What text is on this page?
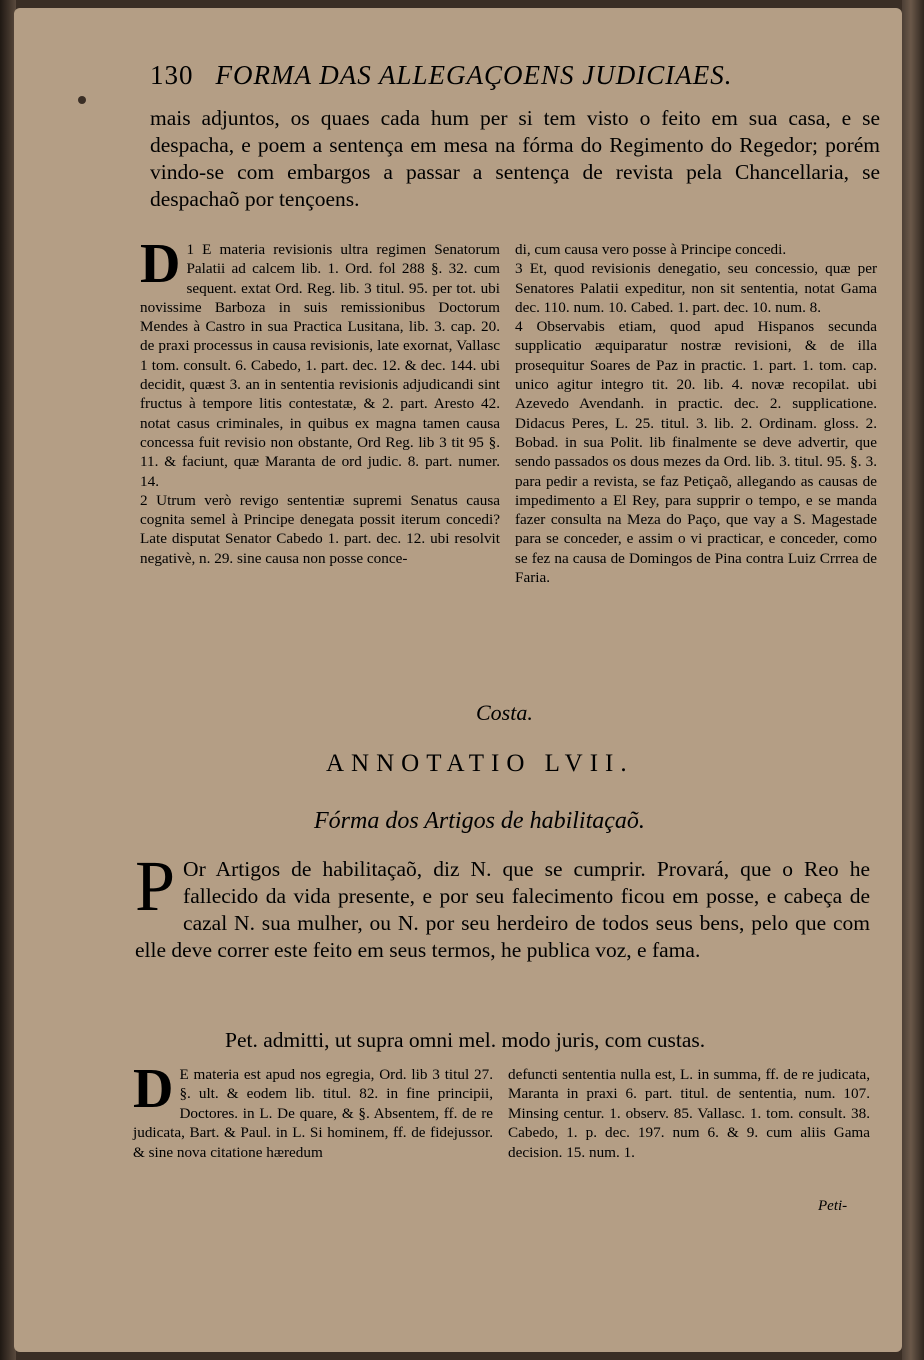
130 FORMA DAS ALLEGAÇOENS JUDICIAES.

mais adjuntos, os quaes cada hum per si tem visto o feito em sua casa, e se despacha, e poem a sentença em mesa na fórma do Regimento do Regedor; porém vindo-se com embargos a passar a sentença de revista pela Chancellaria, se despachaõ por tençoens.

D 1 E materia revisionis ultra regimen Senatorum Palatii ad calcem lib. 1. Ord. fol 288 §. 32. cum sequent. extat Ord. Reg. lib. 3 titul. 95. per tot. ubi novissime Barboza in suis remissionibus Doctorum Mendes à Castro in sua Practica Lusitana, lib. 3. cap. 20. de praxi processus in causa revisionis, late exornat, Vallasc 1 tom. consult. 6. Cabedo, 1. part. dec. 12. & dec. 144. ubi decidit, quæst 3. an in sententia revisionis adjudicandi sint fructus à tempore litis contestatæ, & 2. part. Aresto 42. notat casus criminales, in quibus ex magna tamen causa concessa fuit revisio non obstante, Ord Reg. lib 3 tit 95 §. 11. & faciunt, quæ Maranta de ord judic. 8. part. numer. 14.

2 Utrum verò revigo sententiæ supremi Senatus causa cognita semel à Principe denegata possit iterum concedi? Late disputat Senator Cabedo 1. part. dec. 12. ubi resolvit negativè, n. 29. sine causa non posse conce-

di, cum causa vero posse à Principe concedi.

3 Et, quod revisionis denegatio, seu concessio, quæ per Senatores Palatii expeditur, non sit sententia, notat Gama dec. 110. num. 10. Cabed. 1. part. dec. 10. num. 8.

4 Observabis etiam, quod apud Hispanos secunda supplicatio æquiparatur nostræ revisioni, & de illa prosequitur Soares de Paz in practic. 1. part. 1. tom. cap. unico agitur integro tit. 20. lib. 4. novæ recopilat. ubi Azevedo Avendanh. in practic. dec. 2. supplicatione. Didacus Peres, L. 25. titul. 3. lib. 2. Ordinam. gloss. 2. Bobad. in sua Polit. lib finalmente se deve advertir, que sendo passados os dous mezes da Ord. lib. 3. titul. 95. §. 3. para pedir a revista, se faz Petiçaõ, allegando as causas de impedimento a El Rey, para supprir o tempo, e se manda fazer consulta na Meza do Paço, que vay a S. Magestade para se conceder, e assim o vi practicar, e conceder, como se fez na causa de Domingos de Pina contra Luiz Crrrea de Faria.

Costa.
ANNOTATIO LVII.
Fórma dos Artigos de habilitaçaõ.

P Or Artigos de habilitaçaõ, diz N. que se cumprir. Provará, que o Reo he fallecido da vida presente, e por seu falecimento ficou em posse, e cabeça de cazal N. sua mulher, ou N. por seu herdeiro de todos seus bens, pelo que com elle deve correr este feito em seus termos, he publica voz, e fama.

Pet. admitti, ut supra omni mel. modo juris, com custas.

D E materia est apud nos egregia, Ord. lib 3 titul 27. §. ult. & eodem lib. titul. 82. in fine principii, Doctores. in L. De quare, & §. Absentem, ff. de re judicata, Bart. & Paul. in L. Si hominem, ff. de fidejussor. & sine nova citatione hæredum

defuncti sententia nulla est, L. in summa, ff. de re judicata, Maranta in praxi 6. part. titul. de sententia, num. 107. Minsing centur. 1. observ. 85. Vallasc. 1. tom. consult. 38. Cabedo, 1. p. dec. 197. num 6. & 9. cum aliis Gama decision. 15. num. 1.

Peti-
